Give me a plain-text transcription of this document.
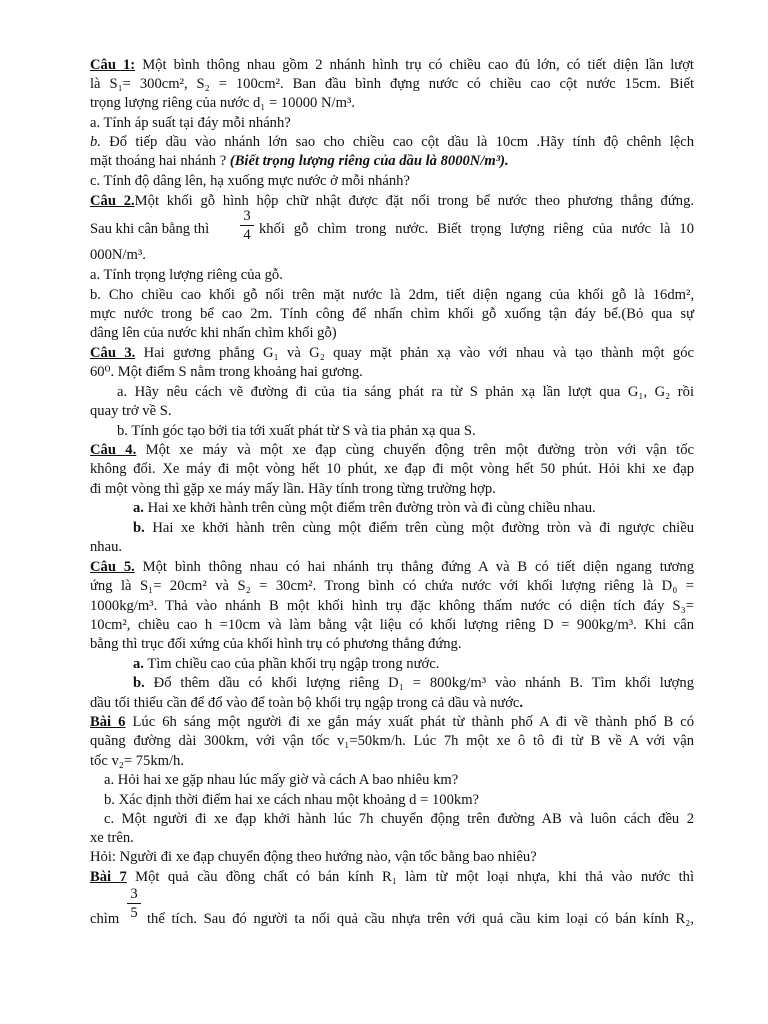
Câu 1: Một bình thông nhau gồm 2 nhánh hình trụ có chiều cao đủ lớn, có tiết diện lần lượt
là S₁= 300cm², S₂ = 100cm². Ban đầu bình đựng nước có chiều cao cột nước 15cm. Biết
trọng lượng riêng của nước d₁ = 10000 N/m³.
a. Tính áp suất tại đáy mỗi nhánh?
b. Đổ tiếp dầu vào nhánh lớn sao cho chiều cao cột dầu là 10cm .Hãy tính độ chênh lệch
mặt thoáng hai nhánh ? (Biết trọng lượng riêng của dầu là 8000N/m³).
c. Tính độ dâng lên, hạ xuống mực nước ở mỗi nhánh?
Câu 2.Một khối gỗ hình hộp chữ nhật được đặt nổi trong bể nước theo phương thẳng đứng.
Sau khi cân bằng thì
3
4 khối gỗ chìm trong nước. Biết trọng lượng riêng của nước là 10
000N/m³.
a. Tính trọng lượng riêng của gỗ.
b. Cho chiều cao khối gỗ nổi trên mặt nước là 2dm, tiết diện ngang của khối gỗ là 16dm²,
mực nước trong bể cao 2m. Tính công để nhấn chìm khối gỗ xuống tận đáy bể.(Bỏ qua sự
dâng lên của nước khi nhấn chìm khối gỗ)
Câu 3. Hai gương phẳng G₁ và G₂ quay mặt phản xạ vào với nhau và tạo thành một góc
60⁰. Một điểm S nằm trong khoảng hai gương.
a. Hãy nêu cách vẽ đường đi của tia sáng phát ra từ S phản xạ lần lượt qua G₁, G₂ rồi
quay trở về S.
b. Tính góc tạo bởi tia tới xuất phát từ S và tia phản xạ qua S.
Câu 4. Một xe máy và một xe đạp cùng chuyển động trên một đường tròn với vận tốc
không đổi. Xe máy đi một vòng hết 10 phút, xe đạp đi một vòng hết 50 phút. Hỏi khi xe đạp
đi một vòng thì gặp xe máy mấy lần. Hãy tính trong từng trường hợp.
a. Hai xe khởi hành trên cùng một điểm trên đường tròn và đi cùng chiều nhau.
b. Hai xe khởi hành trên cùng một điểm trên cùng một đường tròn và đi ngược chiều
nhau.
Câu 5. Một bình thông nhau có hai nhánh trụ thẳng đứng A và B có tiết diện ngang tương
ứng là S₁= 20cm² và S₂ = 30cm². Trong bình có chứa nước với khối lượng riêng là D₀ =
1000kg/m³. Thả vào nhánh B một khối hình trụ đặc không thấm nước có diện tích đáy S₃=
10cm², chiều cao h =10cm và làm bằng vật liệu có khối lượng riêng D = 900kg/m³. Khi cân
bằng thì trục đối xứng của khối hình trụ có phương thẳng đứng.
a. Tìm chiều cao của phần khối trụ ngập trong nước.
b. Đổ thêm dầu có khối lượng riêng D₁ = 800kg/m³ vào nhánh B. Tìm khối lượng
dầu tối thiểu cần để đổ vào để toàn bộ khối trụ ngập trong cả dầu và nước.
Bài 6 Lúc 6h sáng một người đi xe gắn máy xuất phát từ thành phố A đi về thành phố B có
quãng đường dài 300km, với vận tốc v₁=50km/h. Lúc 7h một xe ô tô đi từ B về A với vận
tốc v₂= 75km/h.
a. Hỏi hai xe gặp nhau lúc mấy giờ và cách A bao nhiêu km?
b. Xác định thời điểm hai xe cách nhau một khoảng d = 100km?
c. Một người đi xe đạp khởi hành lúc 7h chuyển động trên đường AB và luôn cách đều 2
xe trên.
Hỏi: Người đi xe đạp chuyển động theo hướng nào, vận tốc bằng bao nhiêu?
Bài 7 Một quả cầu đồng chất có bán kính R₁ làm từ một loại nhựa, khi thả vào nước thì
chìm
3
5 thể tích. Sau đó người ta nối quả cầu nhựa trên với quả cầu kim loại có bán kính R₂,
